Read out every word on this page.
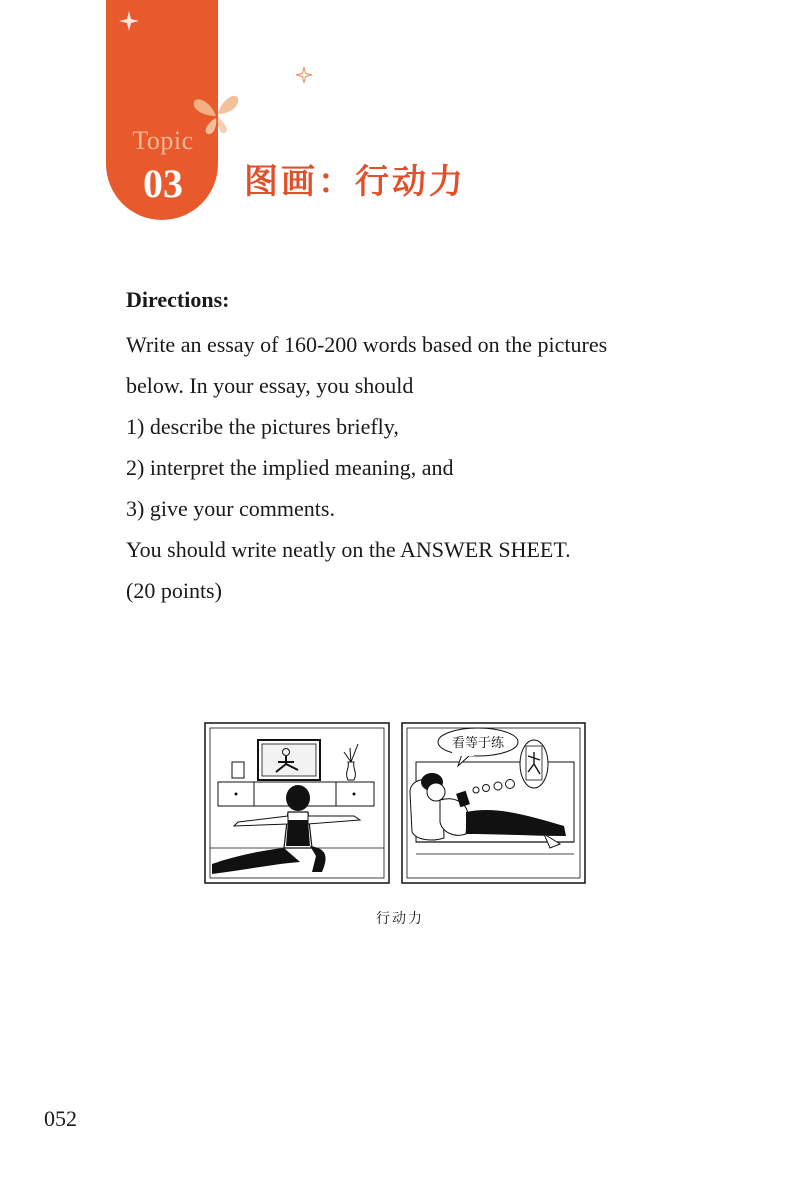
Topic
03	图画：行动力
Directions:

Write an essay of 160-200 words based on the pictures

below. In your essay, you should

1) describe the pictures briefly,

2) interpret the implied meaning, and

3) give your comments.

You should write neatly on the ANSWER SHEET.

(20 points)

看等于练
行动力
052
